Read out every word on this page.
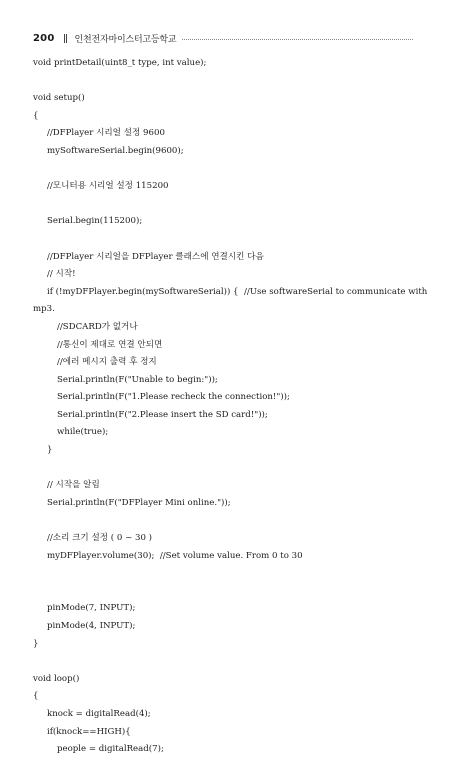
200 인천전자마이스터고등학교
void printDetail(uint8_t type, int value);
void setup()
{
//DFPlayer 시리얼 설정 9600
mySoftwareSerial.begin(9600);
//모니터용 시리얼 설정 115200
Serial.begin(115200);
//DFPlayer 시리얼을 DFPlayer 클래스에 연결시킨 다음
// 시작!
if (!myDFPlayer.begin(mySoftwareSerial)) {  //Use softwareSerial to communicate with
mp3.
//SDCARD가 없거나
//통신이 제대로 연결 안되면
//에러 메시지 출력 후 정지
Serial.println(F("Unable to begin:"));
Serial.println(F("1.Please recheck the connection!"));
Serial.println(F("2.Please insert the SD card!"));
while(true);
}
// 시작을 알림
Serial.println(F("DFPlayer Mini online."));
//소리 크기 설정 ( 0 ~ 30 )
myDFPlayer.volume(30);  //Set volume value. From 0 to 30
pinMode(7, INPUT);
pinMode(4, INPUT);
}
void loop()
{
knock = digitalRead(4);
if(knock==HIGH){
people = digitalRead(7);
